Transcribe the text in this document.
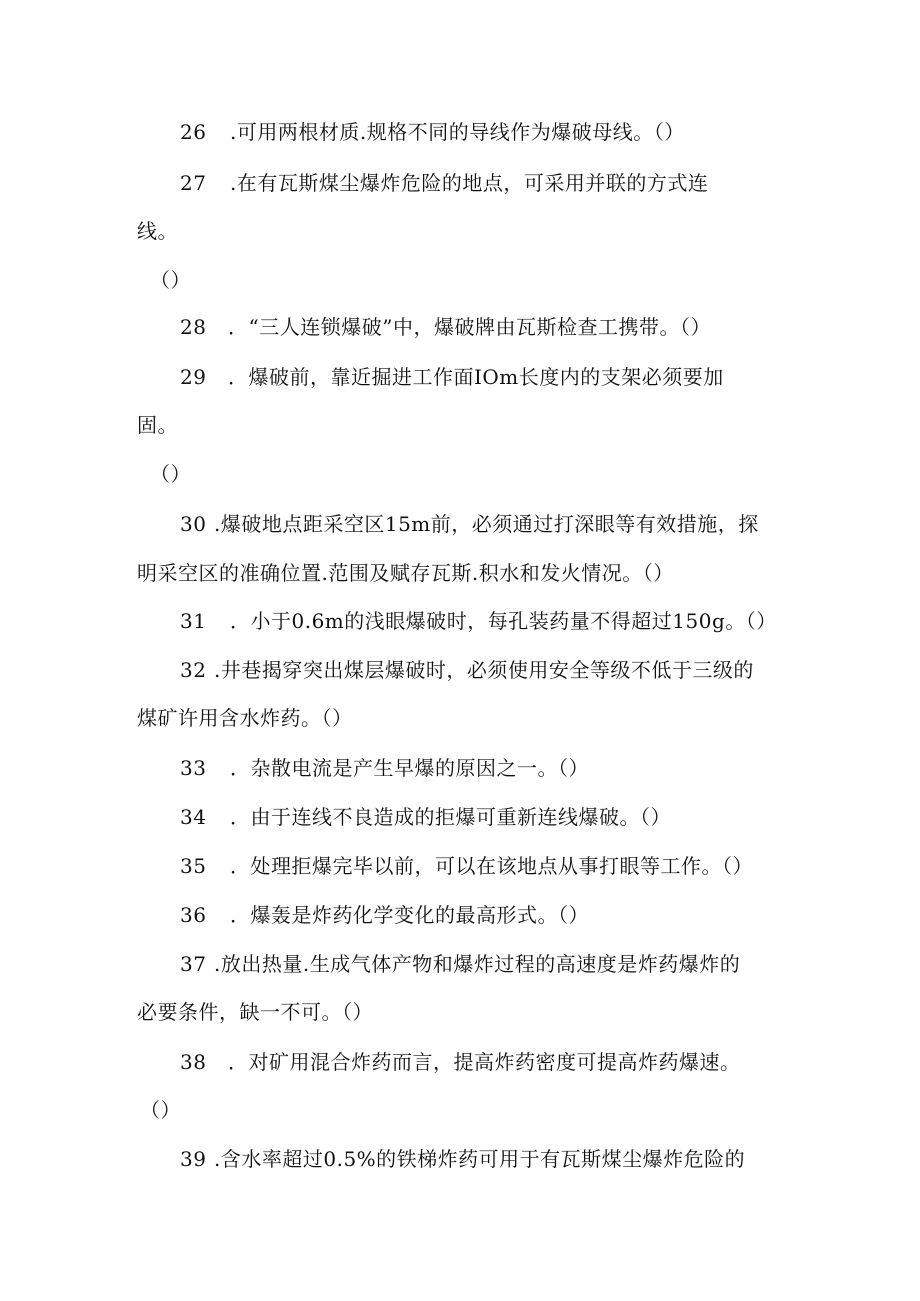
26 .可用两根材质.规格不同的导线作为爆破母线。（）

27 .在有瓦斯煤尘爆炸危险的地点，可采用并联的方式连

线。

（）

28 ．“三人连锁爆破”中，爆破牌由瓦斯检查工携带。（）

29 ．爆破前，靠近掘进工作面IOm长度内的支架必须要加

固。

（）

30 .爆破地点距采空区15m前，必须通过打深眼等有效措施，探

明采空区的准确位置.范围及赋存瓦斯.积水和发火情况。（）

31 ．小于0.6m的浅眼爆破时，每孔装药量不得超过150g。（）

32 .井巷揭穿突出煤层爆破时，必须使用安全等级不低于三级的

煤矿许用含水炸药。（）

33 ．杂散电流是产生早爆的原因之一。（）

34 ．由于连线不良造成的拒爆可重新连线爆破。（）

35 ．处理拒爆完毕以前，可以在该地点从事打眼等工作。（）

36 ．爆轰是炸药化学变化的最高形式。（）

37 .放出热量.生成气体产物和爆炸过程的高速度是炸药爆炸的

必要条件，缺一不可。（）

38 ．对矿用混合炸药而言，提高炸药密度可提高炸药爆速。

（）

39 .含水率超过0.5%的铁梯炸药可用于有瓦斯煤尘爆炸危险的
